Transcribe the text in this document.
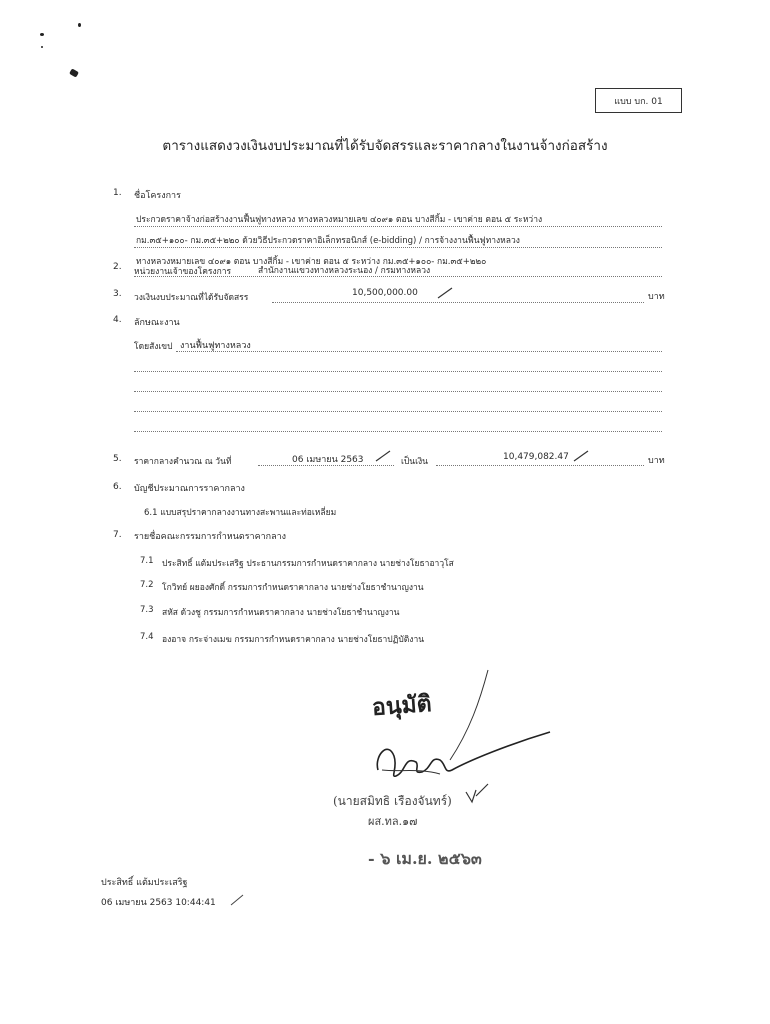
แบบ บก. 01
ตารางแสดงวงเงินงบประมาณที่ได้รับจัดสรรและราคากลางในงานจ้างก่อสร้าง
1. ชื่อโครงการ
ประกวดราคาจ้างก่อสร้างงานฟื้นฟูทางหลวง ทางหลวงหมายเลข ๔๐๙๑ ตอน บางสีกิ้ม - เขาค่าย ตอน ๕ ระหว่าง
กม.๓๕+๑๐๐- กม.๓๕+๒๒๐ ด้วยวิธีประกวดราคาอิเล็กทรอนิกส์ (e-bidding) / การจ้างงานฟื้นฟูทางหลวง
ทางหลวงหมายเลข ๔๐๙๑ ตอน บางสีกิ้ม - เขาค่าย ตอน ๕ ระหว่าง กม.๓๕+๑๐๐- กม.๓๕+๒๒๐
2. หน่วยงานเจ้าของโครงการ	สำนักงานแขวงทางหลวงระนอง / กรมทางหลวง
3. วงเงินงบประมาณที่ได้รับจัดสรร	10,500,000.00	บาท
4. ลักษณะงาน
โดยสังเขป งานฟื้นฟูทางหลวง
5. ราคากลางคำนวณ ณ วันที่	06 เมษายน 2563	เป็นเงิน	10,479,082.47	บาท
6. บัญชีประมาณการราคากลาง
6.1 แบบสรุปราคากลางงานทางสะพานและท่อเหลี่ยม
7. รายชื่อคณะกรรมการกำหนดราคากลาง
7.1 ประสิทธิ์ แต้มประเสริฐ ประธานกรรมการกำหนดราคากลาง นายช่างโยธาอาวุโส
7.2 โกวิทย์ ผยองศักดิ์ กรรมการกำหนดราคากลาง นายช่างโยธาชำนาญงาน
7.3 สหัส ด้วงชู กรรมการกำหนดราคากลาง นายช่างโยธาชำนาญงาน
7.4 องอาจ กระจ่างเมฆ กรรมการกำหนดราคากลาง นายช่างโยธาปฏิบัติงาน
อนุมัติ
(นายสมิทธิ เรืองจันทร์)
ผส.ทล.๑๗
- ๖ เม.ย. ๒๕๖๓
ประสิทธิ์ แต้มประเสริฐ
06 เมษายน 2563 10:44:41
